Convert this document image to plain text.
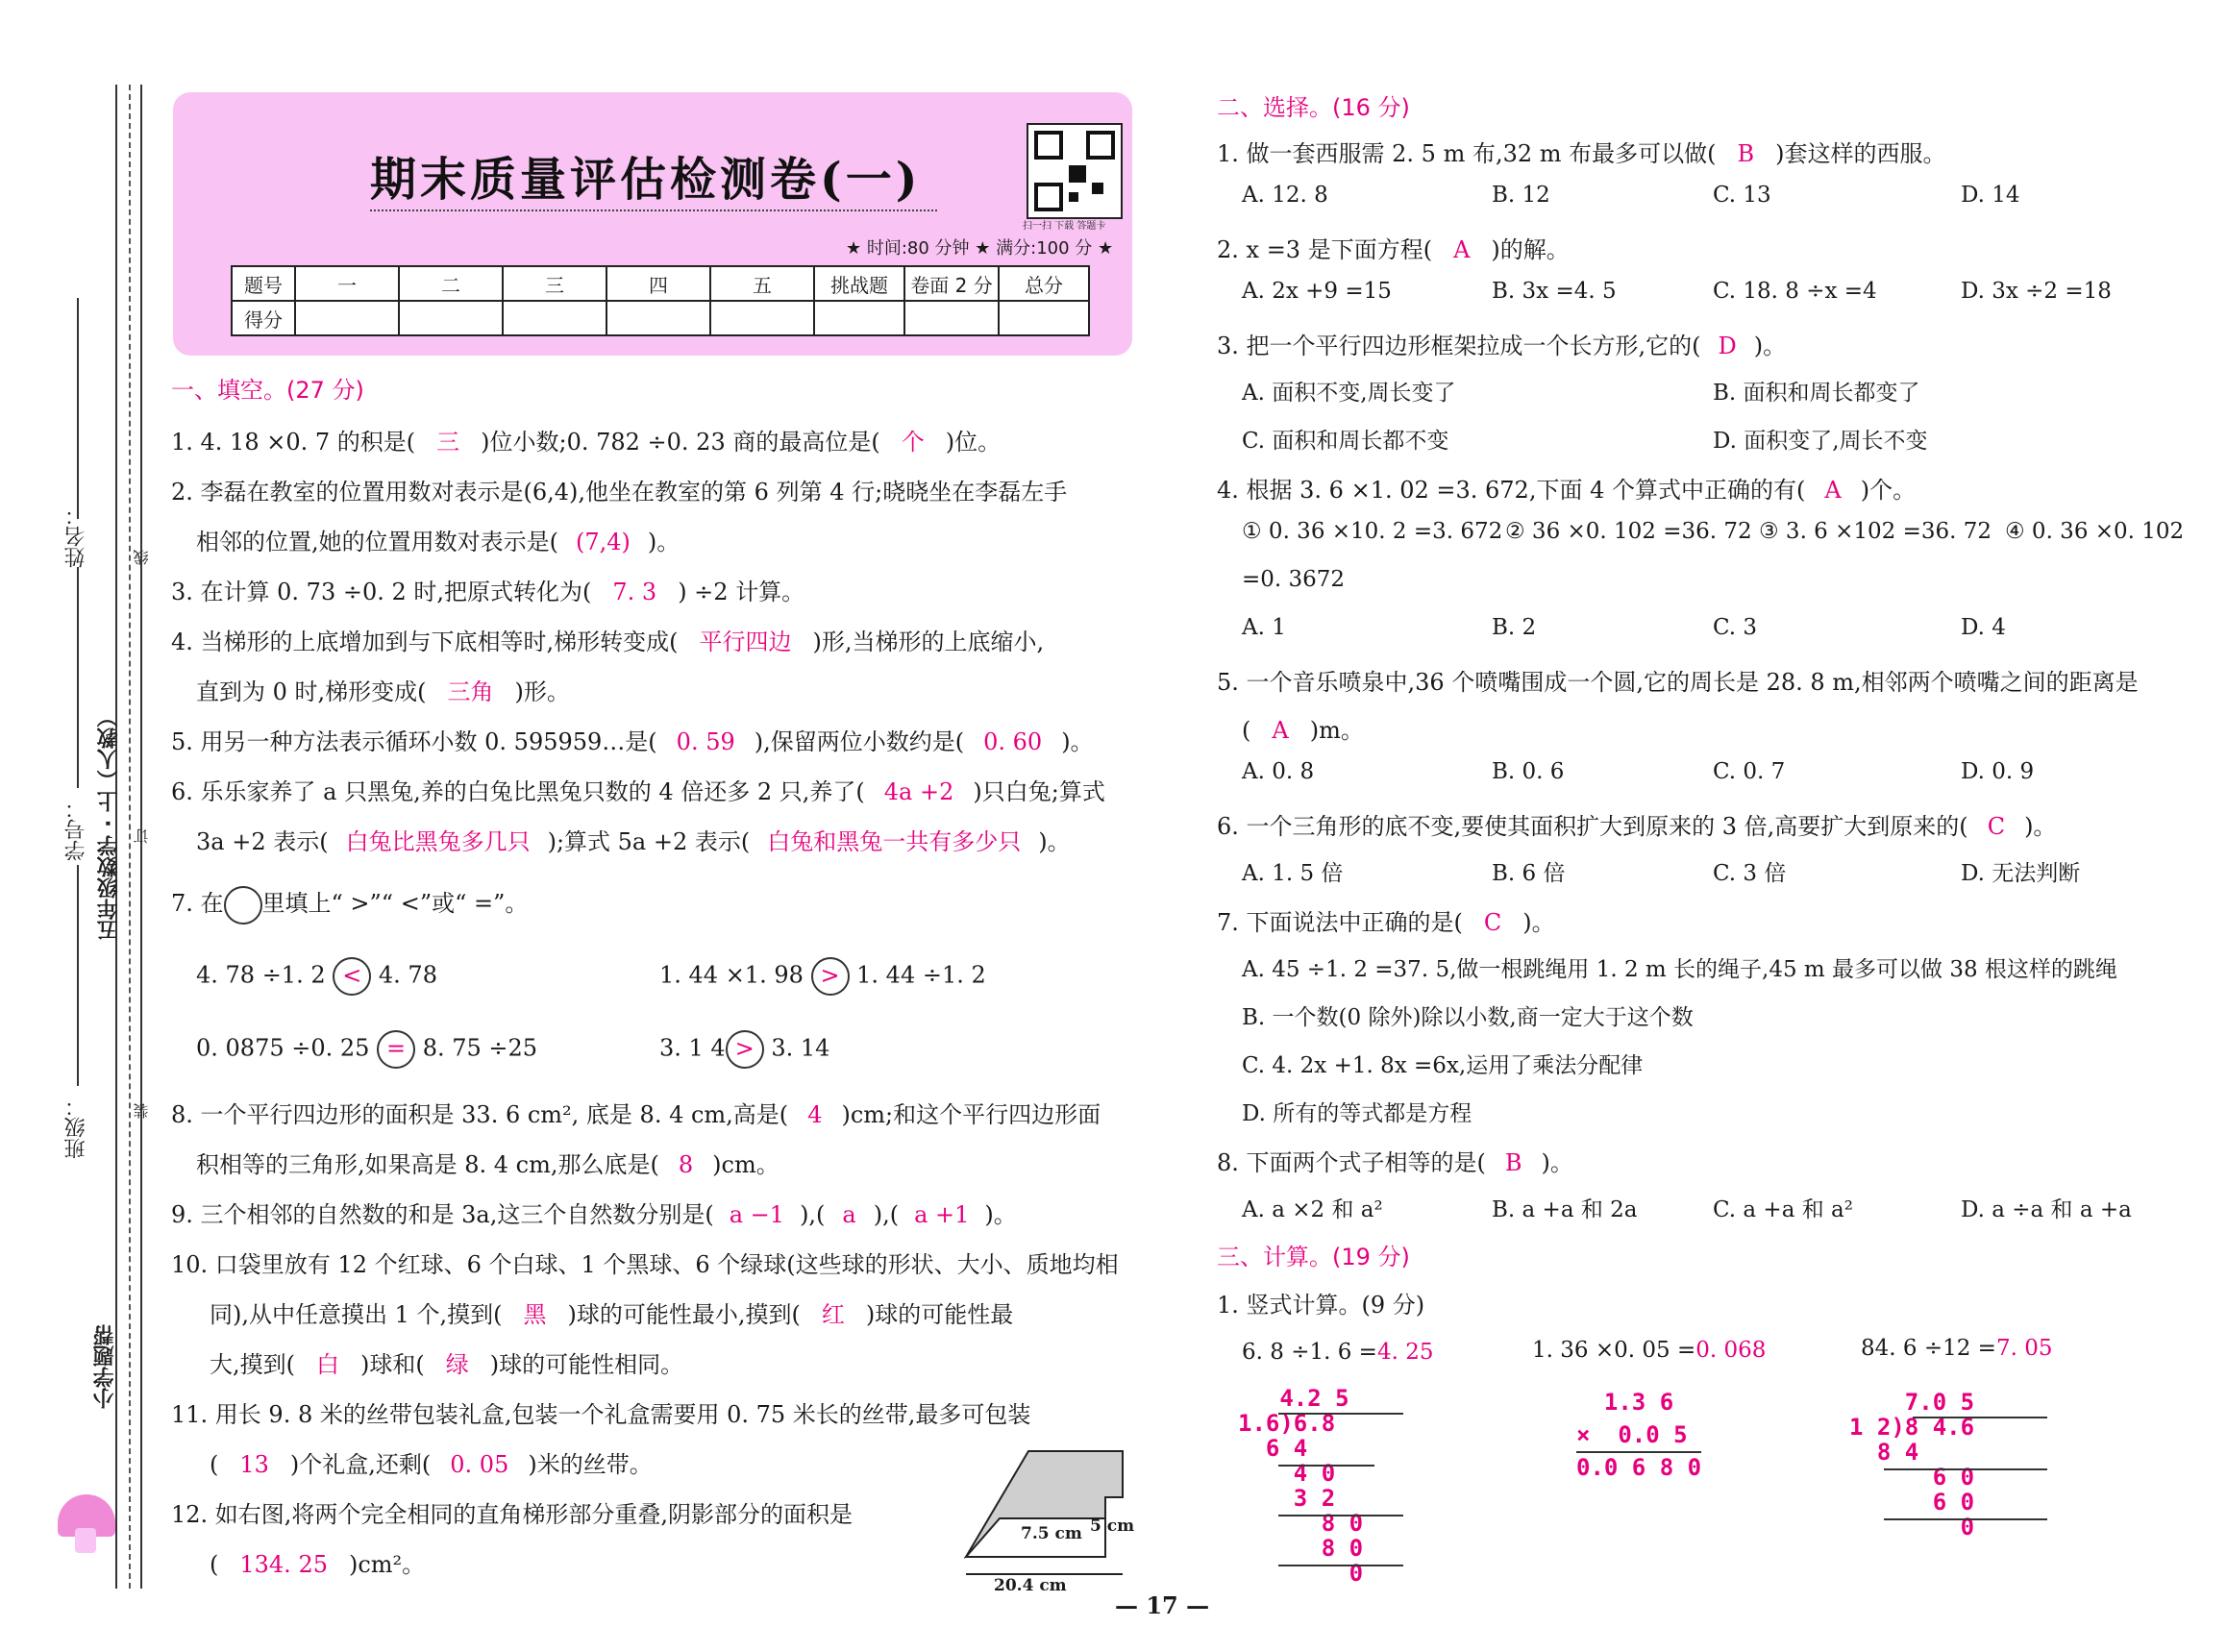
姓名：
学号： 五年级数学 · 上（人教）
班级：
小学题帮
线
订
装
期末质量评估检测卷(一)
扫一扫 下载 答题卡
★ 时间:80 分钟 ★ 满分:100 分 ★
题号	一	二	三	四	五	挑战题	卷面 2 分	总分
得分								
一、填空。(27 分)
1. 4. 18 ×0. 7 的积是( 三 )位小数;0. 782 ÷0. 23 商的最高位是( 个 )位。
2. 李磊在教室的位置用数对表示是(6,4),他坐在教室的第 6 列第 4 行;晓晓坐在李磊左手
相邻的位置,她的位置用数对表示是( (7,4) )。
3. 在计算 0. 73 ÷0. 2 时,把原式转化为( 7. 3 ) ÷2 计算。
4. 当梯形的上底增加到与下底相等时,梯形转变成( 平行四边 )形,当梯形的上底缩小,
直到为 0 时,梯形变成( 三角 )形。
5. 用另一种方法表示循环小数 0. 595959…是( 0. 59 ),保留两位小数约是( 0. 60 )。
6. 乐乐家养了 a 只黑兔,养的白兔比黑兔只数的 4 倍还多 2 只,养了( 4a +2 )只白兔;算式
3a +2 表示( 白兔比黑兔多几只 );算式 5a +2 表示( 白兔和黑兔一共有多少只 )。
7. 在 里填上“ >”“ <”或“ =”。
4. 78 ÷1. 2 < 4. 78	1. 44 ×1. 98 > 1. 44 ÷1. 2
0. 0875 ÷0. 25 = 8. 75 ÷25	3. 1 4 > 3. 14
8. 一个平行四边形的面积是 33. 6 cm², 底是 8. 4 cm,高是( 4 )cm;和这个平行四边形面
积相等的三角形,如果高是 8. 4 cm,那么底是( 8 )cm。
9. 三个相邻的自然数的和是 3a,这三个自然数分别是( a −1 ),( a ),( a +1 )。
10. 口袋里放有 12 个红球、6 个白球、1 个黑球、6 个绿球(这些球的形状、大小、质地均相
同),从中任意摸出 1 个,摸到( 黑 )球的可能性最小,摸到( 红 )球的可能性最
大,摸到( 白 )球和( 绿 )球的可能性相同。
11. 用长 9. 8 米的丝带包装礼盒,包装一个礼盒需要用 0. 75 米长的丝带,最多可包装
( 13 )个礼盒,还剩( 0. 05 )米的丝带。
12. 如右图,将两个完全相同的直角梯形部分重叠,阴影部分的面积是
( 134. 25 )cm²。
7.5 cm 5 cm
20.4 cm
二、选择。(16 分)
1. 做一套西服需 2. 5 m 布,32 m 布最多可以做( B )套这样的西服。
A. 12. 8	B. 12	C. 13	D. 14
2. x =3 是下面方程( A )的解。
A. 2x +9 =15	B. 3x =4. 5	C. 18. 8 ÷x =4	D. 3x ÷2 =18
3. 把一个平行四边形框架拉成一个长方形,它的( D )。
A. 面积不变,周长变了	B. 面积和周长都变了
C. 面积和周长都不变	D. 面积变了,周长不变
4. 根据 3. 6 ×1. 02 =3. 672,下面 4 个算式中正确的有( A )个。
① 0. 36 ×10. 2 =3. 672 ② 36 ×0. 102 =36. 72 ③ 3. 6 ×102 =36. 72 ④ 0. 36 ×0. 102
=0. 3672
A. 1	B. 2	C. 3	D. 4
5. 一个音乐喷泉中,36 个喷嘴围成一个圆,它的周长是 28. 8 m,相邻两个喷嘴之间的距离是
( A )m。
A. 0. 8	B. 0. 6	C. 0. 7	D. 0. 9
6. 一个三角形的底不变,要使其面积扩大到原来的 3 倍,高要扩大到原来的( C )。
A. 1. 5 倍	B. 6 倍	C. 3 倍	D. 无法判断
7. 下面说法中正确的是( C )。
A. 45 ÷1. 2 =37. 5,做一根跳绳用 1. 2 m 长的绳子,45 m 最多可以做 38 根这样的跳绳
B. 一个数(0 除外)除以小数,商一定大于这个数
C. 4. 2x +1. 8x =6x,运用了乘法分配律
D. 所有的等式都是方程
8. 下面两个式子相等的是( B )。
A. a ×2 和 a²	B. a +a 和 2a	C. a +a 和 a²	D. a ÷a 和 a +a
三、计算。(19 分)
1. 竖式计算。(9 分)
6. 8 ÷1. 6 =4. 25	1. 36 ×0. 05 =0. 068	84. 6 ÷12 =7. 05
4.2 5
1.6)6.8
6 4
4 0
3 2
8 0
8 0
0
1.3 6
×  0.0 5
0.0 6 8 0
7.0 5
1 2)8 4.6
8 4
6 0
6 0
0
— 17 —
